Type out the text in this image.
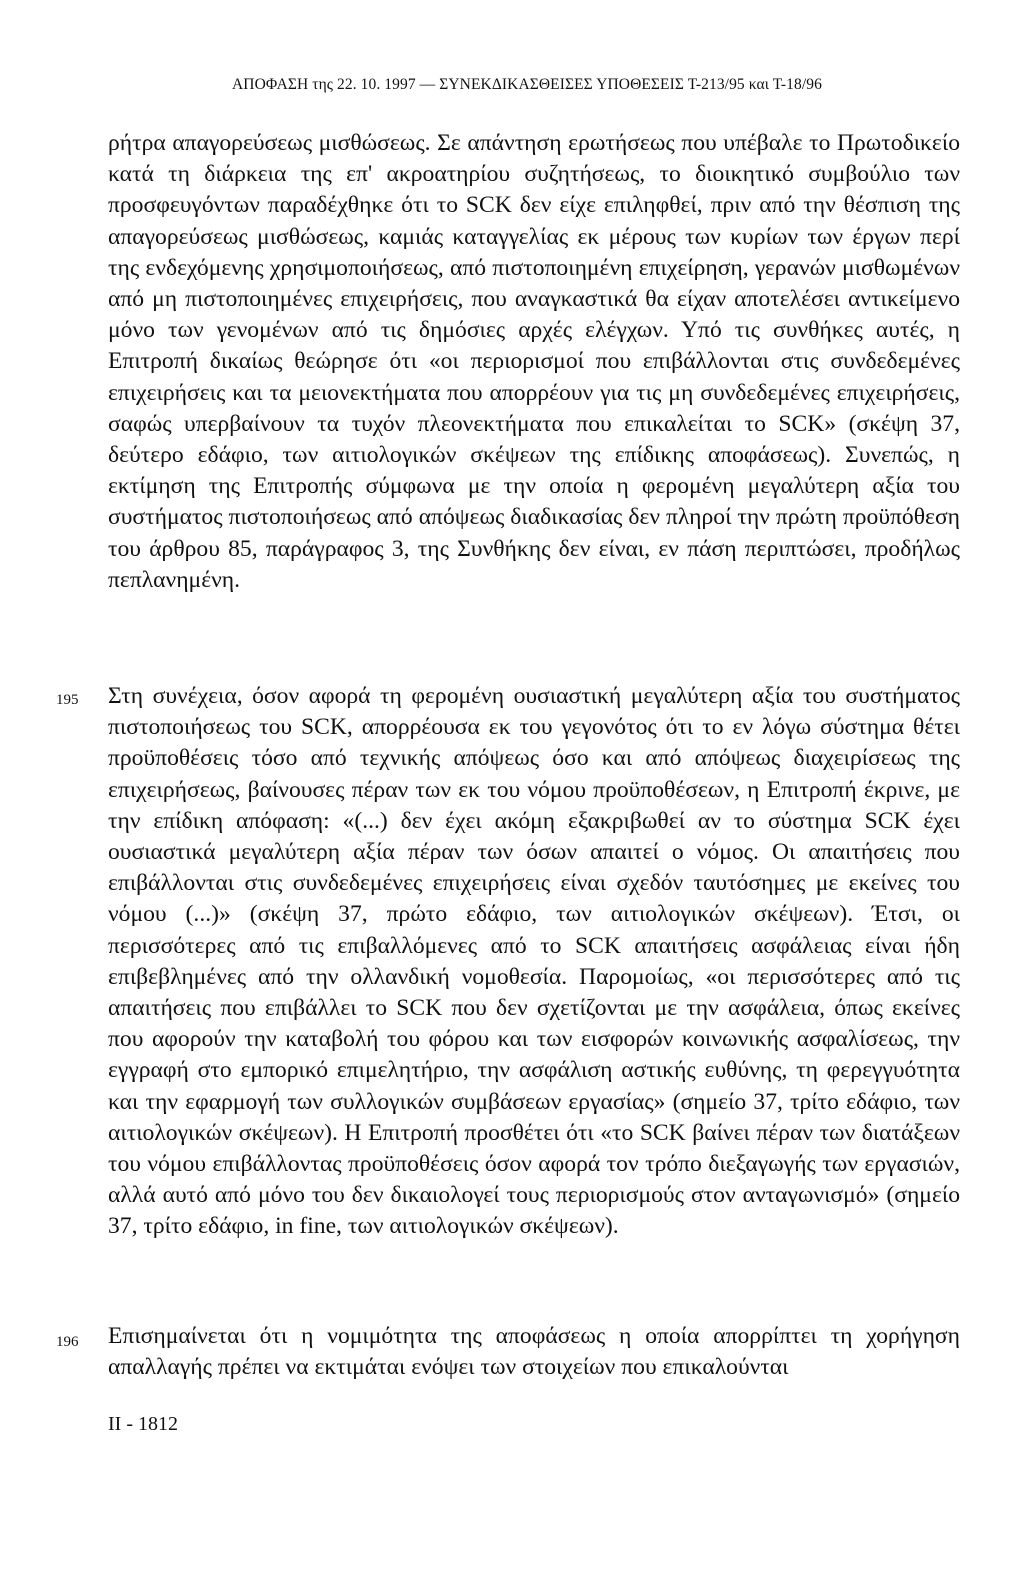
ΑΠΟΦΑΣΗ της 22. 10. 1997 — ΣΥΝΕΚΔΙΚΑΣΘΕΙΣΕΣ ΥΠΟΘΕΣΕΙΣ Τ-213/95 και Τ-18/96

ρήτρα απαγορεύσεως μισθώσεως. Σε απάντηση ερωτήσεως που υπέβαλε το Πρωτοδικείο κατά τη διάρκεια της επ' ακροατηρίου συζητήσεως, το διοικητικό συμβούλιο των προσφευγόντων παραδέχθηκε ότι το SCK δεν είχε επιληφθεί, πριν από την θέσπιση της απαγορεύσεως μισθώσεως, καμιάς καταγγελίας εκ μέρους των κυρίων των έργων περί της ενδεχόμενης χρησιμοποιήσεως, από πιστοποιημένη επιχείρηση, γερανών μισθωμένων από μη πιστοποιημένες επιχειρήσεις, που αναγκαστικά θα είχαν αποτελέσει αντικείμενο μόνο των γενομένων από τις δημόσιες αρχές ελέγχων. Υπό τις συνθήκες αυτές, η Επιτροπή δικαίως θεώρησε ότι «οι περιορισμοί που επιβάλλονται στις συνδεδεμένες επιχειρήσεις και τα μειονεκτήματα που απορρέουν για τις μη συνδεδεμένες επιχειρήσεις, σαφώς υπερβαίνουν τα τυχόν πλεονεκτήματα που επικαλείται το SCK» (σκέψη 37, δεύτερο εδάφιο, των αιτιολογικών σκέψεων της επίδικης αποφάσεως). Συνεπώς, η εκτίμηση της Επιτροπής σύμφωνα με την οποία η φερομένη μεγαλύτερη αξία του συστήματος πιστοποιήσεως από απόψεως διαδικασίας δεν πληροί την πρώτη προϋπόθεση του άρθρου 85, παράγραφος 3, της Συνθήκης δεν είναι, εν πάση περιπτώσει, προδήλως πεπλανημένη.

195 Στη συνέχεια, όσον αφορά τη φερομένη ουσιαστική μεγαλύτερη αξία του συστήματος πιστοποιήσεως του SCK, απορρέουσα εκ του γεγονότος ότι το εν λόγω σύστημα θέτει προϋποθέσεις τόσο από τεχνικής απόψεως όσο και από απόψεως διαχειρίσεως της επιχειρήσεως, βαίνουσες πέραν των εκ του νόμου προϋποθέσεων, η Επιτροπή έκρινε, με την επίδικη απόφαση: «(...) δεν έχει ακόμη εξακριβωθεί αν το σύστημα SCK έχει ουσιαστικά μεγαλύτερη αξία πέραν των όσων απαιτεί ο νόμος. Οι απαιτήσεις που επιβάλλονται στις συνδεδεμένες επιχειρήσεις είναι σχεδόν ταυτόσημες με εκείνες του νόμου (...)» (σκέψη 37, πρώτο εδάφιο, των αιτιολογικών σκέψεων). Έτσι, οι περισσότερες από τις επιβαλλόμενες από το SCK απαιτήσεις ασφάλειας είναι ήδη επιβεβλημένες από την ολλανδική νομοθεσία. Παρομοίως, «οι περισσότερες από τις απαιτήσεις που επιβάλλει το SCK που δεν σχετίζονται με την ασφάλεια, όπως εκείνες που αφορούν την καταβολή του φόρου και των εισφορών κοινωνικής ασφαλίσεως, την εγγραφή στο εμπορικό επιμελητήριο, την ασφάλιση αστικής ευθύνης, τη φερεγγυότητα και την εφαρμογή των συλλογικών συμβάσεων εργασίας» (σημείο 37, τρίτο εδάφιο, των αιτιολογικών σκέψεων). Η Επιτροπή προσθέτει ότι «το SCK βαίνει πέραν των διατάξεων του νόμου επιβάλλοντας προϋποθέσεις όσον αφορά τον τρόπο διεξαγωγής των εργασιών, αλλά αυτό από μόνο του δεν δικαιολογεί τους περιορισμούς στον ανταγωνισμό» (σημείο 37, τρίτο εδάφιο, in fine, των αιτιολογικών σκέψεων).

196 Επισημαίνεται ότι η νομιμότητα της αποφάσεως η οποία απορρίπτει τη χορήγηση απαλλαγής πρέπει να εκτιμάται ενόψει των στοιχείων που επικαλούνται

II - 1812
